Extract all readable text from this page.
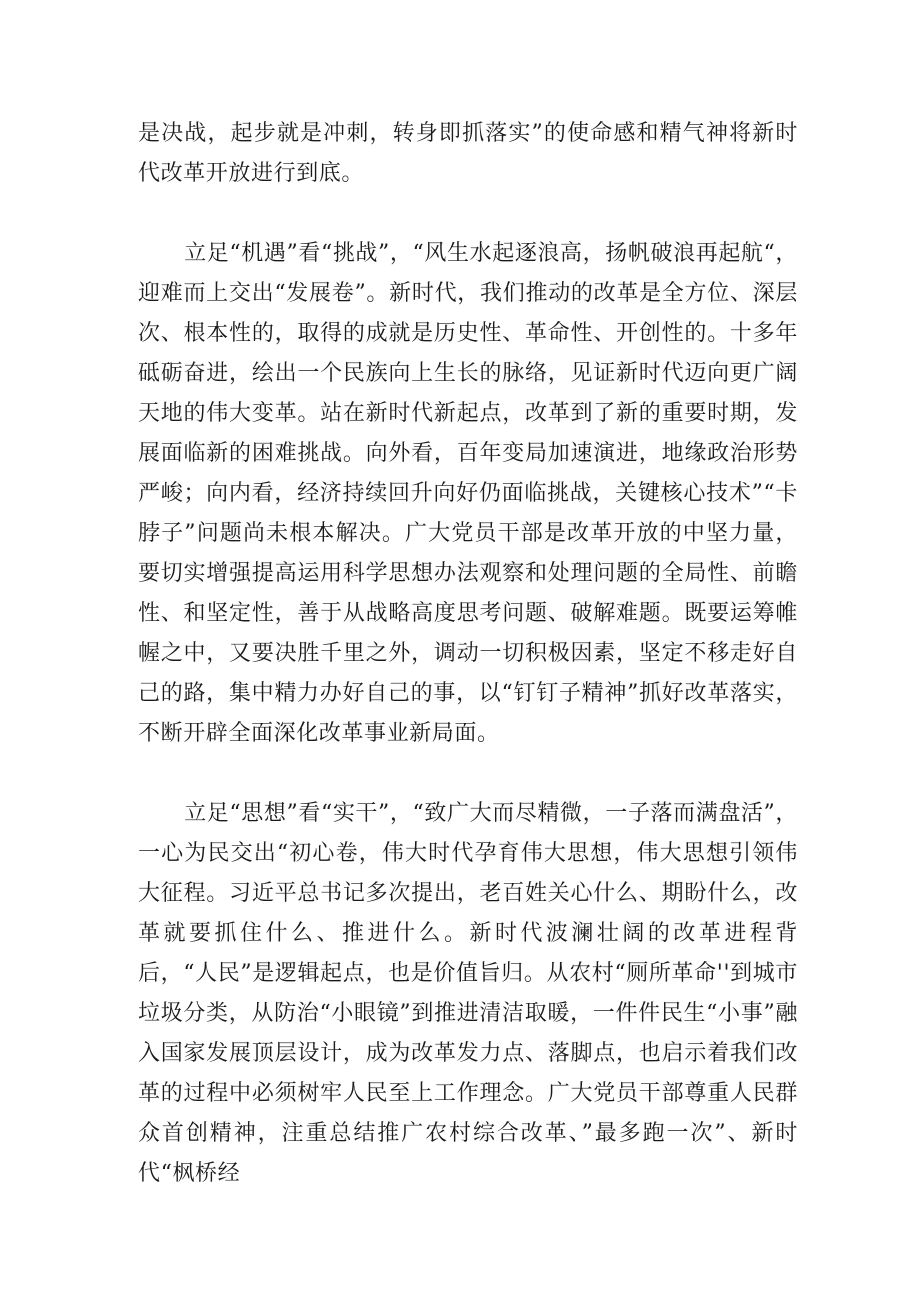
是决战，起步就是冲刺，转身即抓落实”的使命感和精气神将新时代改革开放进行到底。

立足“机遇”看“挑战”，“风生水起逐浪高，扬帆破浪再起航“，迎难而上交出“发展卷”。新时代，我们推动的改革是全方位、深层次、根本性的，取得的成就是历史性、革命性、开创性的。十多年砥砺奋进，绘出一个民族向上生长的脉络，见证新时代迈向更广阔天地的伟大变革。站在新时代新起点，改革到了新的重要时期，发展面临新的困难挑战。向外看，百年变局加速演进，地缘政治形势严峻；向内看，经济持续回升向好仍面临挑战，关键核心技术”“卡脖子”问题尚未根本解决。广大党员干部是改革开放的中坚力量，要切实增强提高运用科学思想办法观察和处理问题的全局性、前瞻性、和坚定性，善于从战略高度思考问题、破解难题。既要运筹帷幄之中，又要决胜千里之外，调动一切积极因素，坚定不移走好自己的路，集中精力办好自己的事，以“钉钉子精神”抓好改革落实，不断开辟全面深化改革事业新局面。

立足“思想”看“实干”，“致广大而尽精微，一子落而满盘活”，一心为民交出“初心卷，伟大时代孕育伟大思想，伟大思想引领伟大征程。习近平总书记多次提出，老百姓关心什么、期盼什么，改革就要抓住什么、推进什么。新时代波澜壮阔的改革进程背后，“人民”是逻辑起点，也是价值旨归。从农村“厕所革命''到城市垃圾分类，从防治“小眼镜”到推进清洁取暖，一件件民生“小事”融入国家发展顶层设计，成为改革发力点、落脚点，也启示着我们改革的过程中必须树牢人民至上工作理念。广大党员干部尊重人民群众首创精神，注重总结推广农村综合改革、”最多跑一次”、新时代“枫桥经
